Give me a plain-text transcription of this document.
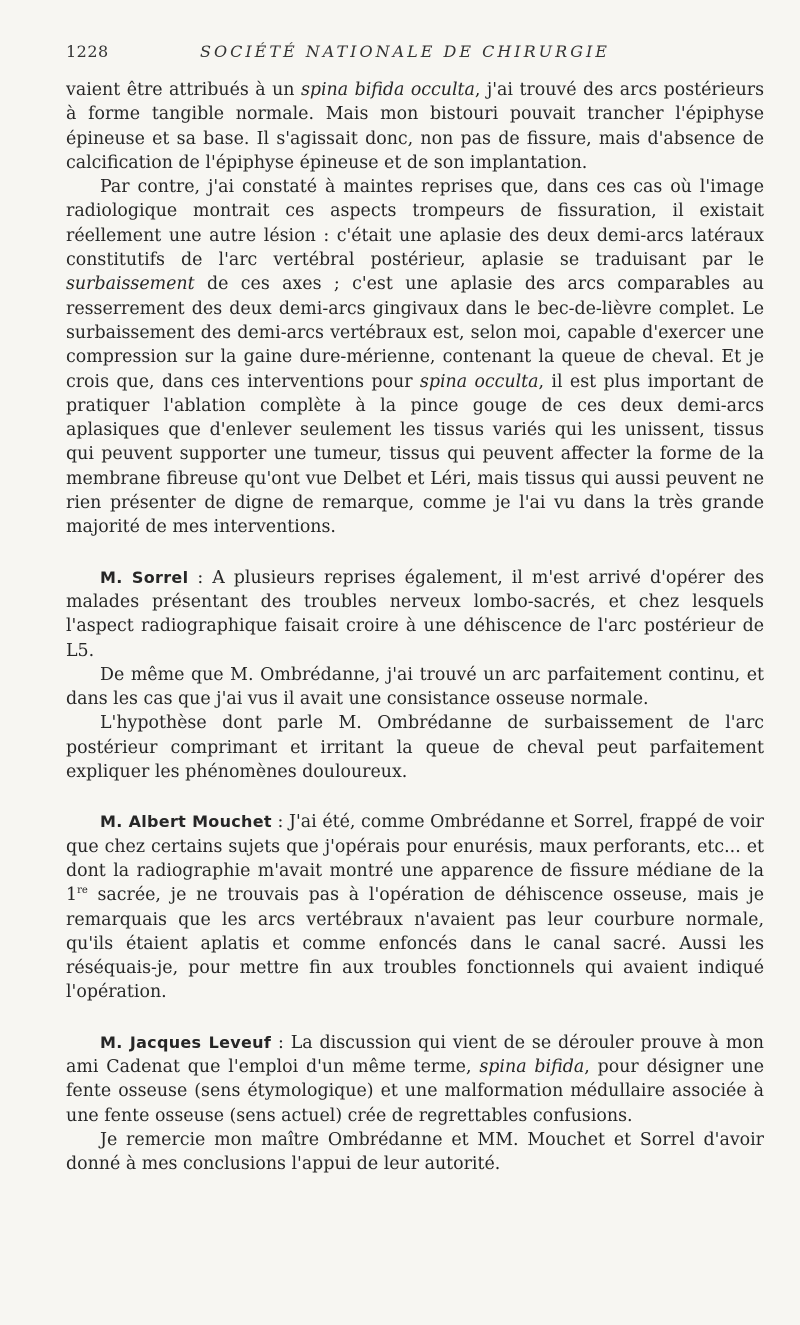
1228	SOCIÉTÉ NATIONALE DE CHIRURGIE

vaient être attribués à un spina bifida occulta, j'ai trouvé des arcs postérieurs à forme tangible normale. Mais mon bistouri pouvait trancher l'épiphyse épineuse et sa base. Il s'agissait donc, non pas de fissure, mais d'absence de calcification de l'épiphyse épineuse et de son implantation.

Par contre, j'ai constaté à maintes reprises que, dans ces cas où l'image radiologique montrait ces aspects trompeurs de fissuration, il existait réellement une autre lésion : c'était une aplasie des deux demi-arcs latéraux constitutifs de l'arc vertébral postérieur, aplasie se traduisant par le surbaissement de ces axes ; c'est une aplasie des arcs comparables au resserrement des deux demi-arcs gingivaux dans le bec-de-lièvre complet. Le surbaissement des demi-arcs vertébraux est, selon moi, capable d'exercer une compression sur la gaine dure-mérienne, contenant la queue de cheval. Et je crois que, dans ces interventions pour spina occulta, il est plus important de pratiquer l'ablation complète à la pince gouge de ces deux demi-arcs aplasiques que d'enlever seulement les tissus variés qui les unissent, tissus qui peuvent supporter une tumeur, tissus qui peuvent affecter la forme de la membrane fibreuse qu'ont vue Delbet et Léri, mais tissus qui aussi peuvent ne rien présenter de digne de remarque, comme je l'ai vu dans la très grande majorité de mes interventions.

M. Sorrel : A plusieurs reprises également, il m'est arrivé d'opérer des malades présentant des troubles nerveux lombo-sacrés, et chez lesquels l'aspect radiographique faisait croire à une déhiscence de l'arc postérieur de L5.

De même que M. Ombrédanne, j'ai trouvé un arc parfaitement continu, et dans les cas que j'ai vus il avait une consistance osseuse normale.

L'hypothèse dont parle M. Ombrédanne de surbaissement de l'arc postérieur comprimant et irritant la queue de cheval peut parfaitement expliquer les phénomènes douloureux.

M. Albert Mouchet : J'ai été, comme Ombrédanne et Sorrel, frappé de voir que chez certains sujets que j'opérais pour enurésis, maux perforants, etc... et dont la radiographie m'avait montré une apparence de fissure médiane de la 1re sacrée, je ne trouvais pas à l'opération de déhiscence osseuse, mais je remarquais que les arcs vertébraux n'avaient pas leur courbure normale, qu'ils étaient aplatis et comme enfoncés dans le canal sacré. Aussi les réséquais-je, pour mettre fin aux troubles fonctionnels qui avaient indiqué l'opération.

M. Jacques Leveuf : La discussion qui vient de se dérouler prouve à mon ami Cadenat que l'emploi d'un même terme, spina bifida, pour désigner une fente osseuse (sens étymologique) et une malformation médullaire associée à une fente osseuse (sens actuel) crée de regrettables confusions.

Je remercie mon maître Ombrédanne et MM. Mouchet et Sorrel d'avoir donné à mes conclusions l'appui de leur autorité.
